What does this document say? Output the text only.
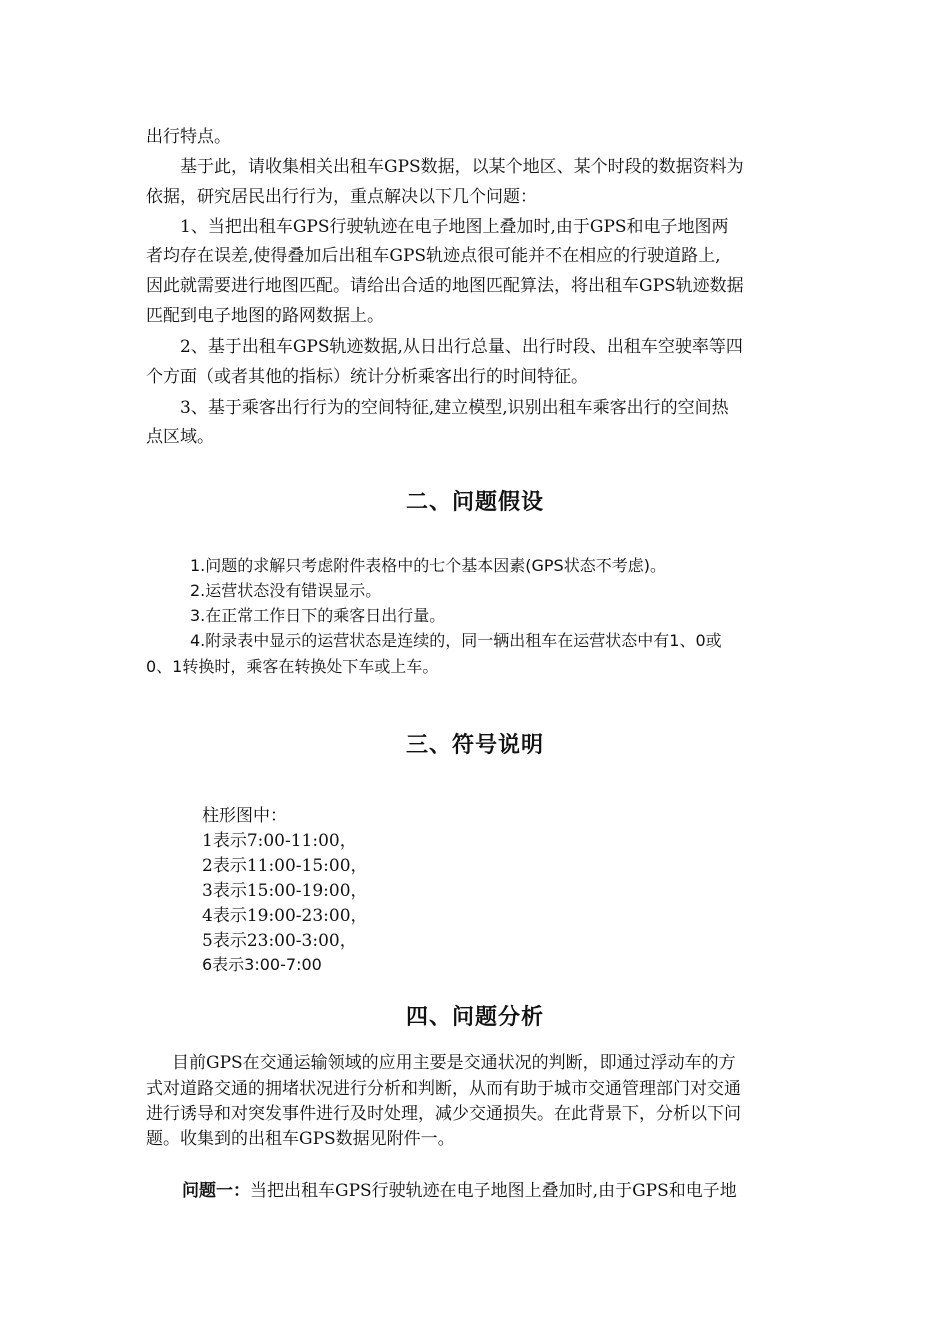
出行特点。
基于此，请收集相关出租车GPS数据，以某个地区、某个时段的数据资料为
依据，研究居民出行行为，重点解决以下几个问题：
1、当把出租车GPS行驶轨迹在电子地图上叠加时,由于GPS和电子地图两
者均存在误差,使得叠加后出租车GPS轨迹点很可能并不在相应的行驶道路上,
因此就需要进行地图匹配。请给出合适的地图匹配算法，将出租车GPS轨迹数据
匹配到电子地图的路网数据上。
2、基于出租车GPS轨迹数据,从日出行总量、出行时段、出租车空驶率等四
个方面（或者其他的指标）统计分析乘客出行的时间特征。
3、基于乘客出行行为的空间特征,建立模型,识别出租车乘客出行的空间热
点区域。
二、问题假设
1.问题的求解只考虑附件表格中的七个基本因素(GPS状态不考虑)。
2.运营状态没有错误显示。
3.在正常工作日下的乘客日出行量。
4.附录表中显示的运营状态是连续的，同一辆出租车在运营状态中有1、0或
0、1转换时，乘客在转换处下车或上车。
三、符号说明
柱形图中：
1表示7:00-11:00，
2表示11:00-15:00，
3表示15:00-19:00，
4表示19:00-23:00，
5表示23:00-3:00，
6表示3:00-7:00
四、问题分析
目前GPS在交通运输领域的应用主要是交通状况的判断，即通过浮动车的方
式对道路交通的拥堵状况进行分析和判断，从而有助于城市交通管理部门对交通
进行诱导和对突发事件进行及时处理，减少交通损失。在此背景下，分析以下问
题。收集到的出租车GPS数据见附件一。
问题一：当把出租车GPS行驶轨迹在电子地图上叠加时,由于GPS和电子地
